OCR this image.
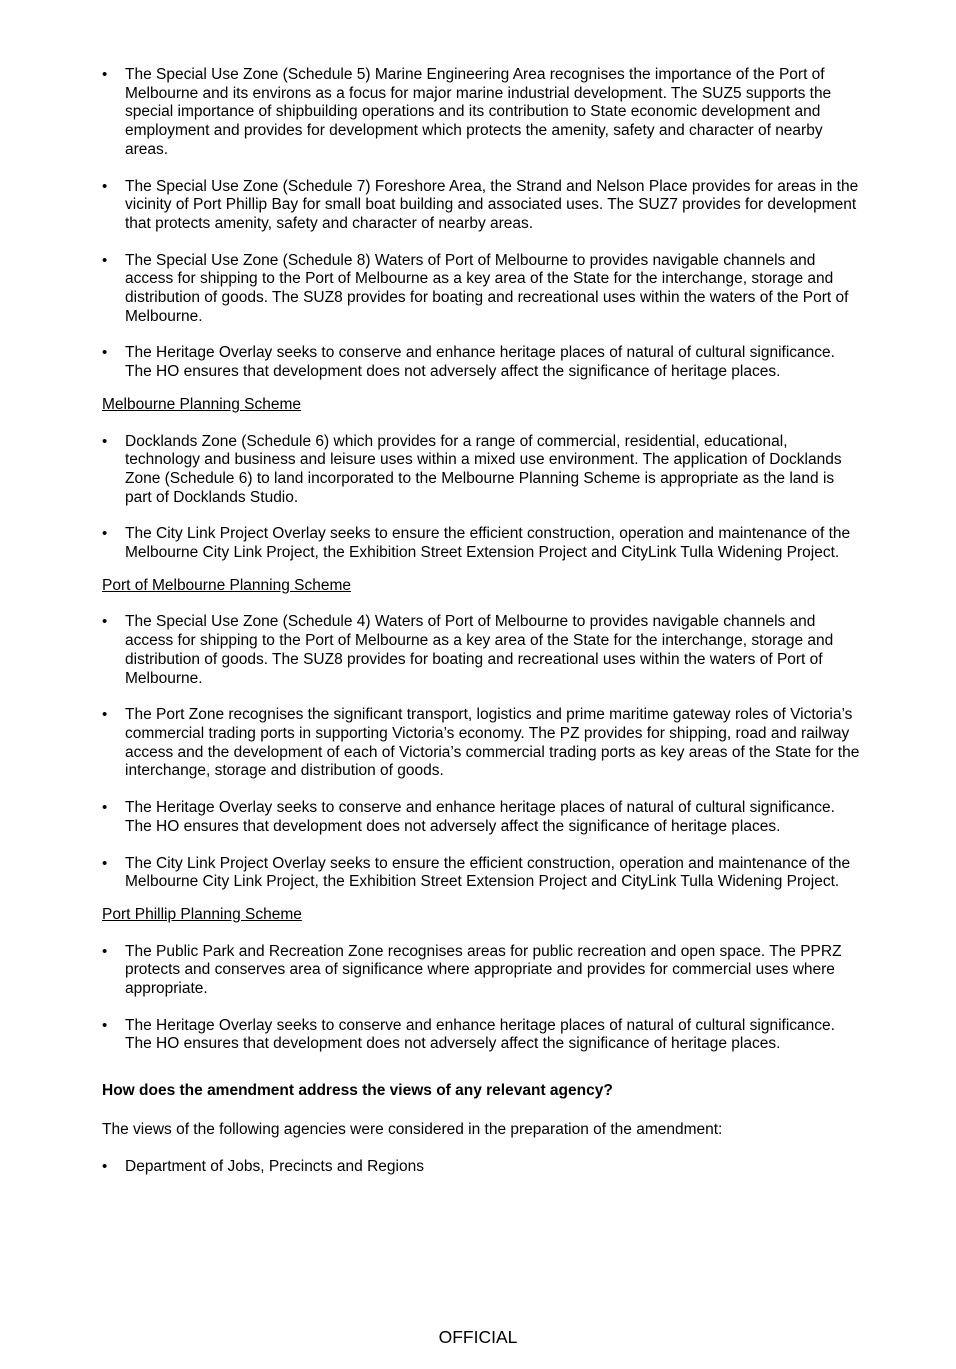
•	The Special Use Zone (Schedule 5) Marine Engineering Area recognises the importance of the Port of Melbourne and its environs as a focus for major marine industrial development. The SUZ5 supports the special importance of shipbuilding operations and its contribution to State economic development and employment and provides for development which protects the amenity, safety and character of nearby areas.
•	The Special Use Zone (Schedule 7) Foreshore Area, the Strand and Nelson Place provides for areas in the vicinity of Port Phillip Bay for small boat building and associated uses. The SUZ7 provides for development that protects amenity, safety and character of nearby areas.
•	The Special Use Zone (Schedule 8) Waters of Port of Melbourne to provides navigable channels and access for shipping to the Port of Melbourne as a key area of the State for the interchange, storage and distribution of goods. The SUZ8 provides for boating and recreational uses within the waters of the Port of Melbourne.
•	The Heritage Overlay seeks to conserve and enhance heritage places of natural of cultural significance. The HO ensures that development does not adversely affect the significance of heritage places.
Melbourne Planning Scheme
•	Docklands Zone (Schedule 6) which provides for a range of commercial, residential, educational, technology and business and leisure uses within a mixed use environment. The application of Docklands Zone (Schedule 6) to land incorporated to the Melbourne Planning Scheme is appropriate as the land is part of Docklands Studio.
•	The City Link Project Overlay seeks to ensure the efficient construction, operation and maintenance of the Melbourne City Link Project, the Exhibition Street Extension Project and CityLink Tulla Widening Project.
Port of Melbourne Planning Scheme
•	The Special Use Zone (Schedule 4) Waters of Port of Melbourne to provides navigable channels and access for shipping to the Port of Melbourne as a key area of the State for the interchange, storage and distribution of goods. The SUZ8 provides for boating and recreational uses within the waters of Port of Melbourne.
•	The Port Zone recognises the significant transport, logistics and prime maritime gateway roles of Victoria’s commercial trading ports in supporting Victoria’s economy. The PZ provides for shipping, road and railway access and the development of each of Victoria’s commercial trading ports as key areas of the State for the interchange, storage and distribution of goods.
•	The Heritage Overlay seeks to conserve and enhance heritage places of natural of cultural significance. The HO ensures that development does not adversely affect the significance of heritage places.
•	The City Link Project Overlay seeks to ensure the efficient construction, operation and maintenance of the Melbourne City Link Project, the Exhibition Street Extension Project and CityLink Tulla Widening Project.
Port Phillip Planning Scheme
•	The Public Park and Recreation Zone recognises areas for public recreation and open space. The PPRZ protects and conserves area of significance where appropriate and provides for commercial uses where appropriate.
•	The Heritage Overlay seeks to conserve and enhance heritage places of natural of cultural significance. The HO ensures that development does not adversely affect the significance of heritage places.
How does the amendment address the views of any relevant agency?
The views of the following agencies were considered in the preparation of the amendment:
•	Department of Jobs, Precincts and Regions
OFFICIAL
